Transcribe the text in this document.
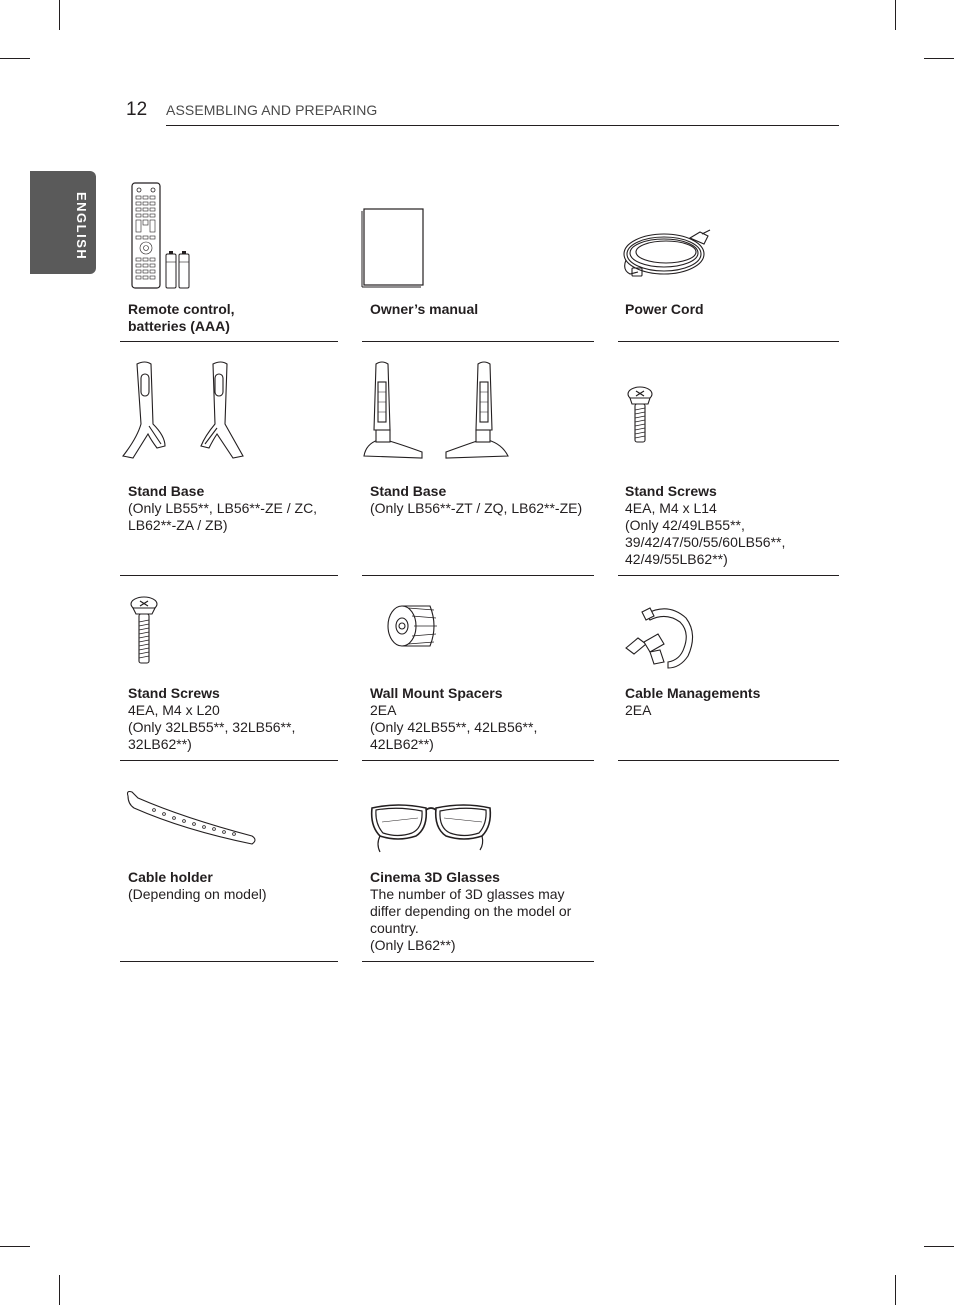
12 ASSEMBLING AND PREPARING
ENGLISH
Remote control,
batteries (AAA)
Owner’s manual	Power Cord
Stand Base
(Only LB55**, LB56**-ZE / ZC,
LB62**-ZA / ZB)
Stand Base
(Only LB56**-ZT / ZQ, LB62**-ZE)
Stand Screws
4EA, M4 x L14
(Only 42/49LB55**,
39/42/47/50/55/60LB56**,
42/49/55LB62**)
Stand Screws
4EA, M4 x L20
(Only 32LB55**, 32LB56**,
32LB62**)
Wall Mount Spacers
2EA
(Only 42LB55**, 42LB56**,
42LB62**)
Cable Managements
2EA
Cable holder
(Depending on model)
Cinema 3D Glasses
The number of 3D glasses may
differ depending on the model or
country.
(Only LB62**)
